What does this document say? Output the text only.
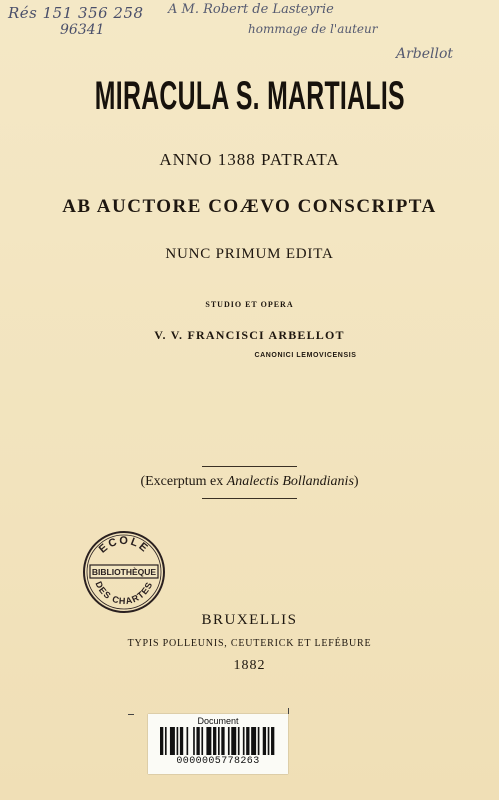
Rés 151 356 258
96341
A M. Robert de Lasteyrie
hommage de l'auteur
Arbellot
MIRACULA S. MARTIALIS
ANNO 1388 PATRATA
AB AUCTORE COÆVO CONSCRIPTA
NUNC PRIMUM EDITA
STUDIO ET OPERA
V. V. FRANCISCI ARBELLOT
CANONICI LEMOVICENSIS
(Excerptum ex Analectis Bollandianis)
ECOLE
BIBLIOTHÈQUE
DES CHARTES
BRUXELLIS
TYPIS POLLEUNIS, CEUTERICK ET LEFÉBURE
1882
Document
0000005778263
